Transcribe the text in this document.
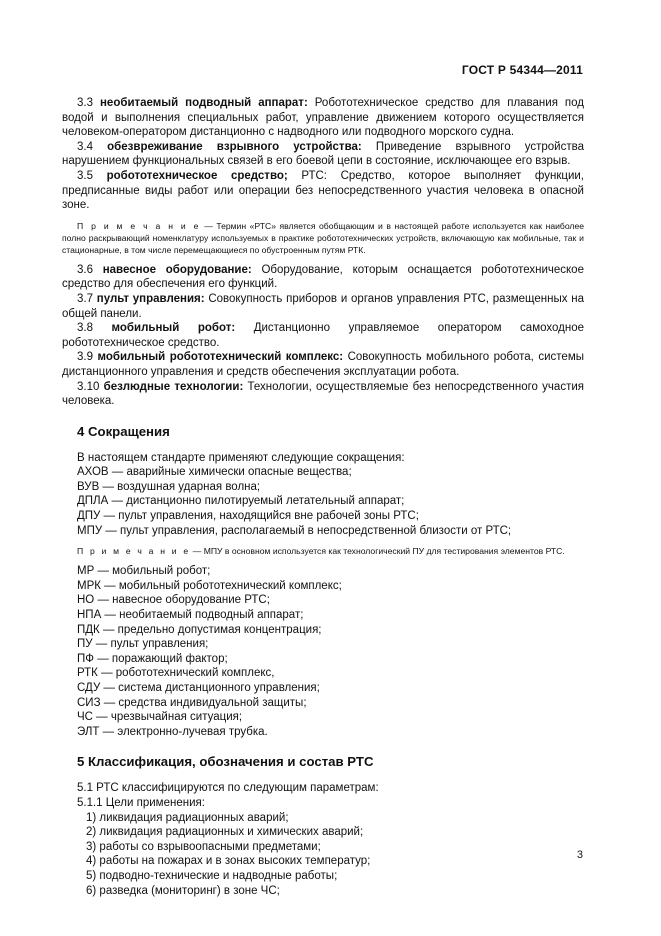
ГОСТ Р 54344—2011

3.3 необитаемый подводный аппарат: Робототехническое средство для плавания под водой и выполнения специальных работ, управление движением которого осуществляется человеком-оператором дистанционно с надводного или подводного морского судна.

3.4 обезвреживание взрывного устройства: Приведение взрывного устройства нарушением функциональных связей в его боевой цепи в состояние, исключающее его взрыв.

3.5 робототехническое средство; РТС: Средство, которое выполняет функции, предписанные виды работ или операции без непосредственного участия человека в опасной зоне.

П р и м е ч а н и е — Термин «РТС» является обобщающим и в настоящей работе используется как наиболее полно раскрывающий номенклатуру используемых в практике робототехнических устройств, включающую как мобильные, так и стационарные, в том числе перемещающиеся по обустроенным путям РТК.

3.6 навесное оборудование: Оборудование, которым оснащается робототехническое средство для обеспечения его функций.

3.7 пульт управления: Совокупность приборов и органов управления РТС, размещенных на общей панели.

3.8 мобильный робот: Дистанционно управляемое оператором самоходное робототехническое средство.

3.9 мобильный робототехнический комплекс: Совокупность мобильного робота, системы дистанционного управления и средств обеспечения эксплуатации робота.

3.10 безлюдные технологии: Технологии, осуществляемые без непосредственного участия человека.

4 Сокращения

В настоящем стандарте применяют следующие сокращения:

АХОВ — аварийные химически опасные вещества;

ВУВ — воздушная ударная волна;

ДПЛА — дистанционно пилотируемый летательный аппарат;

ДПУ — пульт управления, находящийся вне рабочей зоны РТС;

МПУ — пульт управления, располагаемый в непосредственной близости от РТС;

П р и м е ч а н и е — МПУ в основном используется как технологический ПУ для тестирования элементов РТС.

МР — мобильный робот;

МРК — мобильный робототехнический комплекс;

НО — навесное оборудование РТС;

НПА — необитаемый подводный аппарат;

ПДК — предельно допустимая концентрация;

ПУ — пульт управления;

ПФ — поражающий фактор;

РТК — робототехнический комплекс,

СДУ — система дистанционного управления;

СИЗ — средства индивидуальной защиты;

ЧС — чрезвычайная ситуация;

ЭЛТ — электронно-лучевая трубка.

5 Классификация, обозначения и состав РТС

5.1 РТС классифицируются по следующим параметрам:

5.1.1 Цели применения:

1) ликвидация радиационных аварий;

2) ликвидация радиационных и химических аварий;

3) работы со взрывоопасными предметами;

4) работы на пожарах и в зонах высоких температур;

5) подводно-технические и надводные работы;

6) разведка (мониторинг) в зоне ЧС;

3
